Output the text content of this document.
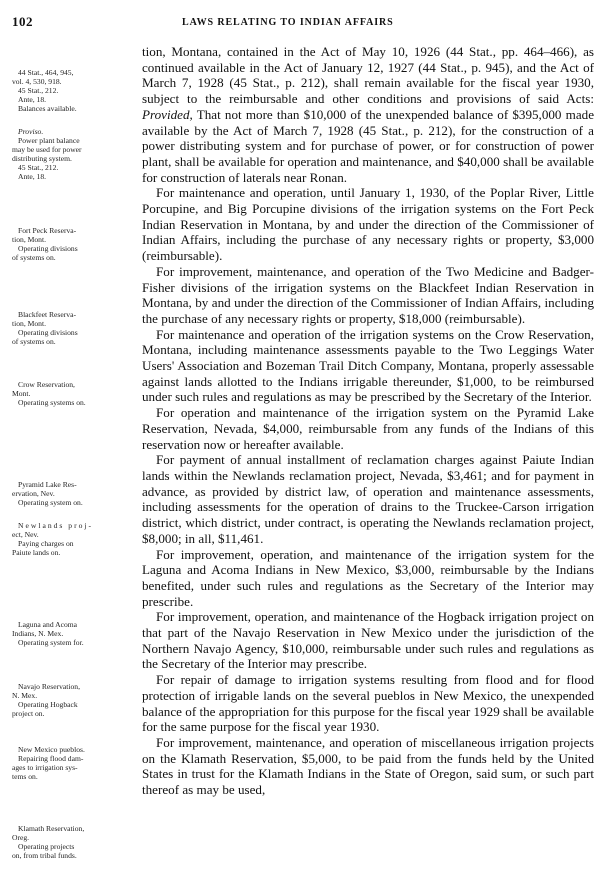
102	LAWS RELATING TO INDIAN AFFAIRS
44 Stat., 464, 945,
vol. 4, 530, 918.
45 Stat., 212.
Ante, 18.
Balances available.
Proviso.
Power plant balance
may be used for power
distributing system.
45 Stat., 212.
Ante, 18.
Fort Peck Reserva-
tion, Mont.
Operating divisions
of systems on.
Blackfeet Reserva-
tion, Mont.
Operating divisions
of systems on.
Crow Reservation,
Mont.
Operating systems on.
Pyramid Lake Res-
ervation, Nev.
Operating system on.
Newlands proj-
ect, Nev.
Paying charges on
Paiute lands on.
Laguna and Acoma
Indians, N. Mex.
Operating system for.
Navajo Reservation,
N. Mex.
Operating Hogback
project on.
New Mexico pueblos.
Repairing flood dam-
ages to irrigation sys-
tems on.
Klamath Reservation,
Oreg.
Operating projects
on, from tribal funds.

tion, Montana, contained in the Act of May 10, 1926 (44 Stat., pp. 464–466), as continued available in the Act of January 12, 1927 (44 Stat., p. 945), and the Act of March 7, 1928 (45 Stat., p. 212), shall remain available for the fiscal year 1930, subject to the reimbursable and other conditions and provisions of said Acts: Provided, That not more than $10,000 of the unexpended balance of $395,000 made available by the Act of March 7, 1928 (45 Stat., p. 212), for the construction of a power distributing system and for purchase of power, or for construction of power plant, shall be available for operation and maintenance, and $40,000 shall be available for construction of laterals near Ronan.

For maintenance and operation, until January 1, 1930, of the Poplar River, Little Porcupine, and Big Porcupine divisions of the irrigation systems on the Fort Peck Indian Reservation in Montana, by and under the direction of the Commissioner of Indian Affairs, including the purchase of any necessary rights or property, $3,000 (reimbursable).

For improvement, maintenance, and operation of the Two Medicine and Badger-Fisher divisions of the irrigation systems on the Blackfeet Indian Reservation in Montana, by and under the direction of the Commissioner of Indian Affairs, including the purchase of any necessary rights or property, $18,000 (reimbursable).

For maintenance and operation of the irrigation systems on the Crow Reservation, Montana, including maintenance assessments payable to the Two Leggings Water Users' Association and Bozeman Trail Ditch Company, Montana, properly assessable against lands allotted to the Indians irrigable thereunder, $1,000, to be reimbursed under such rules and regulations as may be prescribed by the Secretary of the Interior.

For operation and maintenance of the irrigation system on the Pyramid Lake Reservation, Nevada, $4,000, reimbursable from any funds of the Indians of this reservation now or hereafter available.

For payment of annual installment of reclamation charges against Paiute Indian lands within the Newlands reclamation project, Nevada, $3,461; and for payment in advance, as provided by district law, of operation and maintenance assessments, including assessments for the operation of drains to the Truckee-Carson irrigation district, which district, under contract, is operating the Newlands reclamation project, $8,000; in all, $11,461.

For improvement, operation, and maintenance of the irrigation system for the Laguna and Acoma Indians in New Mexico, $3,000, reimbursable by the Indians benefited, under such rules and regulations as the Secretary of the Interior may prescribe.

For improvement, operation, and maintenance of the Hogback irrigation project on that part of the Navajo Reservation in New Mexico under the jurisdiction of the Northern Navajo Agency, $10,000, reimbursable under such rules and regulations as the Secretary of the Interior may prescribe.

For repair of damage to irrigation systems resulting from flood and for flood protection of irrigable lands on the several pueblos in New Mexico, the unexpended balance of the appropriation for this purpose for the fiscal year 1929 shall be available for the same purpose for the fiscal year 1930.

For improvement, maintenance, and operation of miscellaneous irrigation projects on the Klamath Reservation, $5,000, to be paid from the funds held by the United States in trust for the Klamath Indians in the State of Oregon, said sum, or such part thereof as may be used,
